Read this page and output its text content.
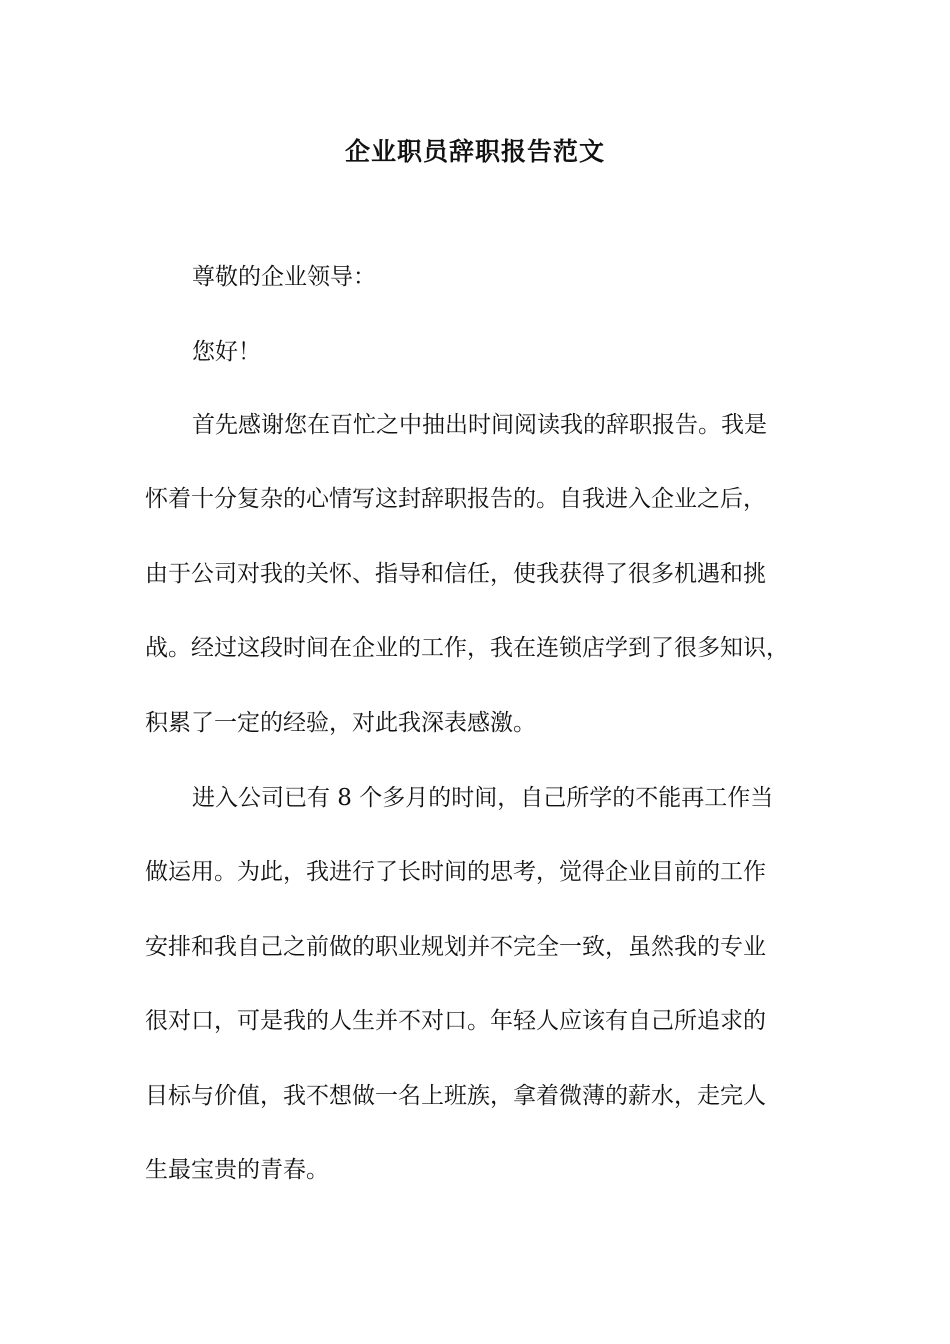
企业职员辞职报告范文

尊敬的企业领导：

您好！

首先感谢您在百忙之中抽出时间阅读我的辞职报告。我是

怀着十分复杂的心情写这封辞职报告的。自我进入企业之后，

由于公司对我的关怀、指导和信任，使我获得了很多机遇和挑

战。经过这段时间在企业的工作，我在连锁店学到了很多知识，

积累了一定的经验，对此我深表感激。

进入公司已有 8 个多月的时间，自己所学的不能再工作当

做运用。为此，我进行了长时间的思考，觉得企业目前的工作

安排和我自己之前做的职业规划并不完全一致，虽然我的专业

很对口，可是我的人生并不对口。年轻人应该有自己所追求的

目标与价值，我不想做一名上班族，拿着微薄的薪水，走完人

生最宝贵的青春。
